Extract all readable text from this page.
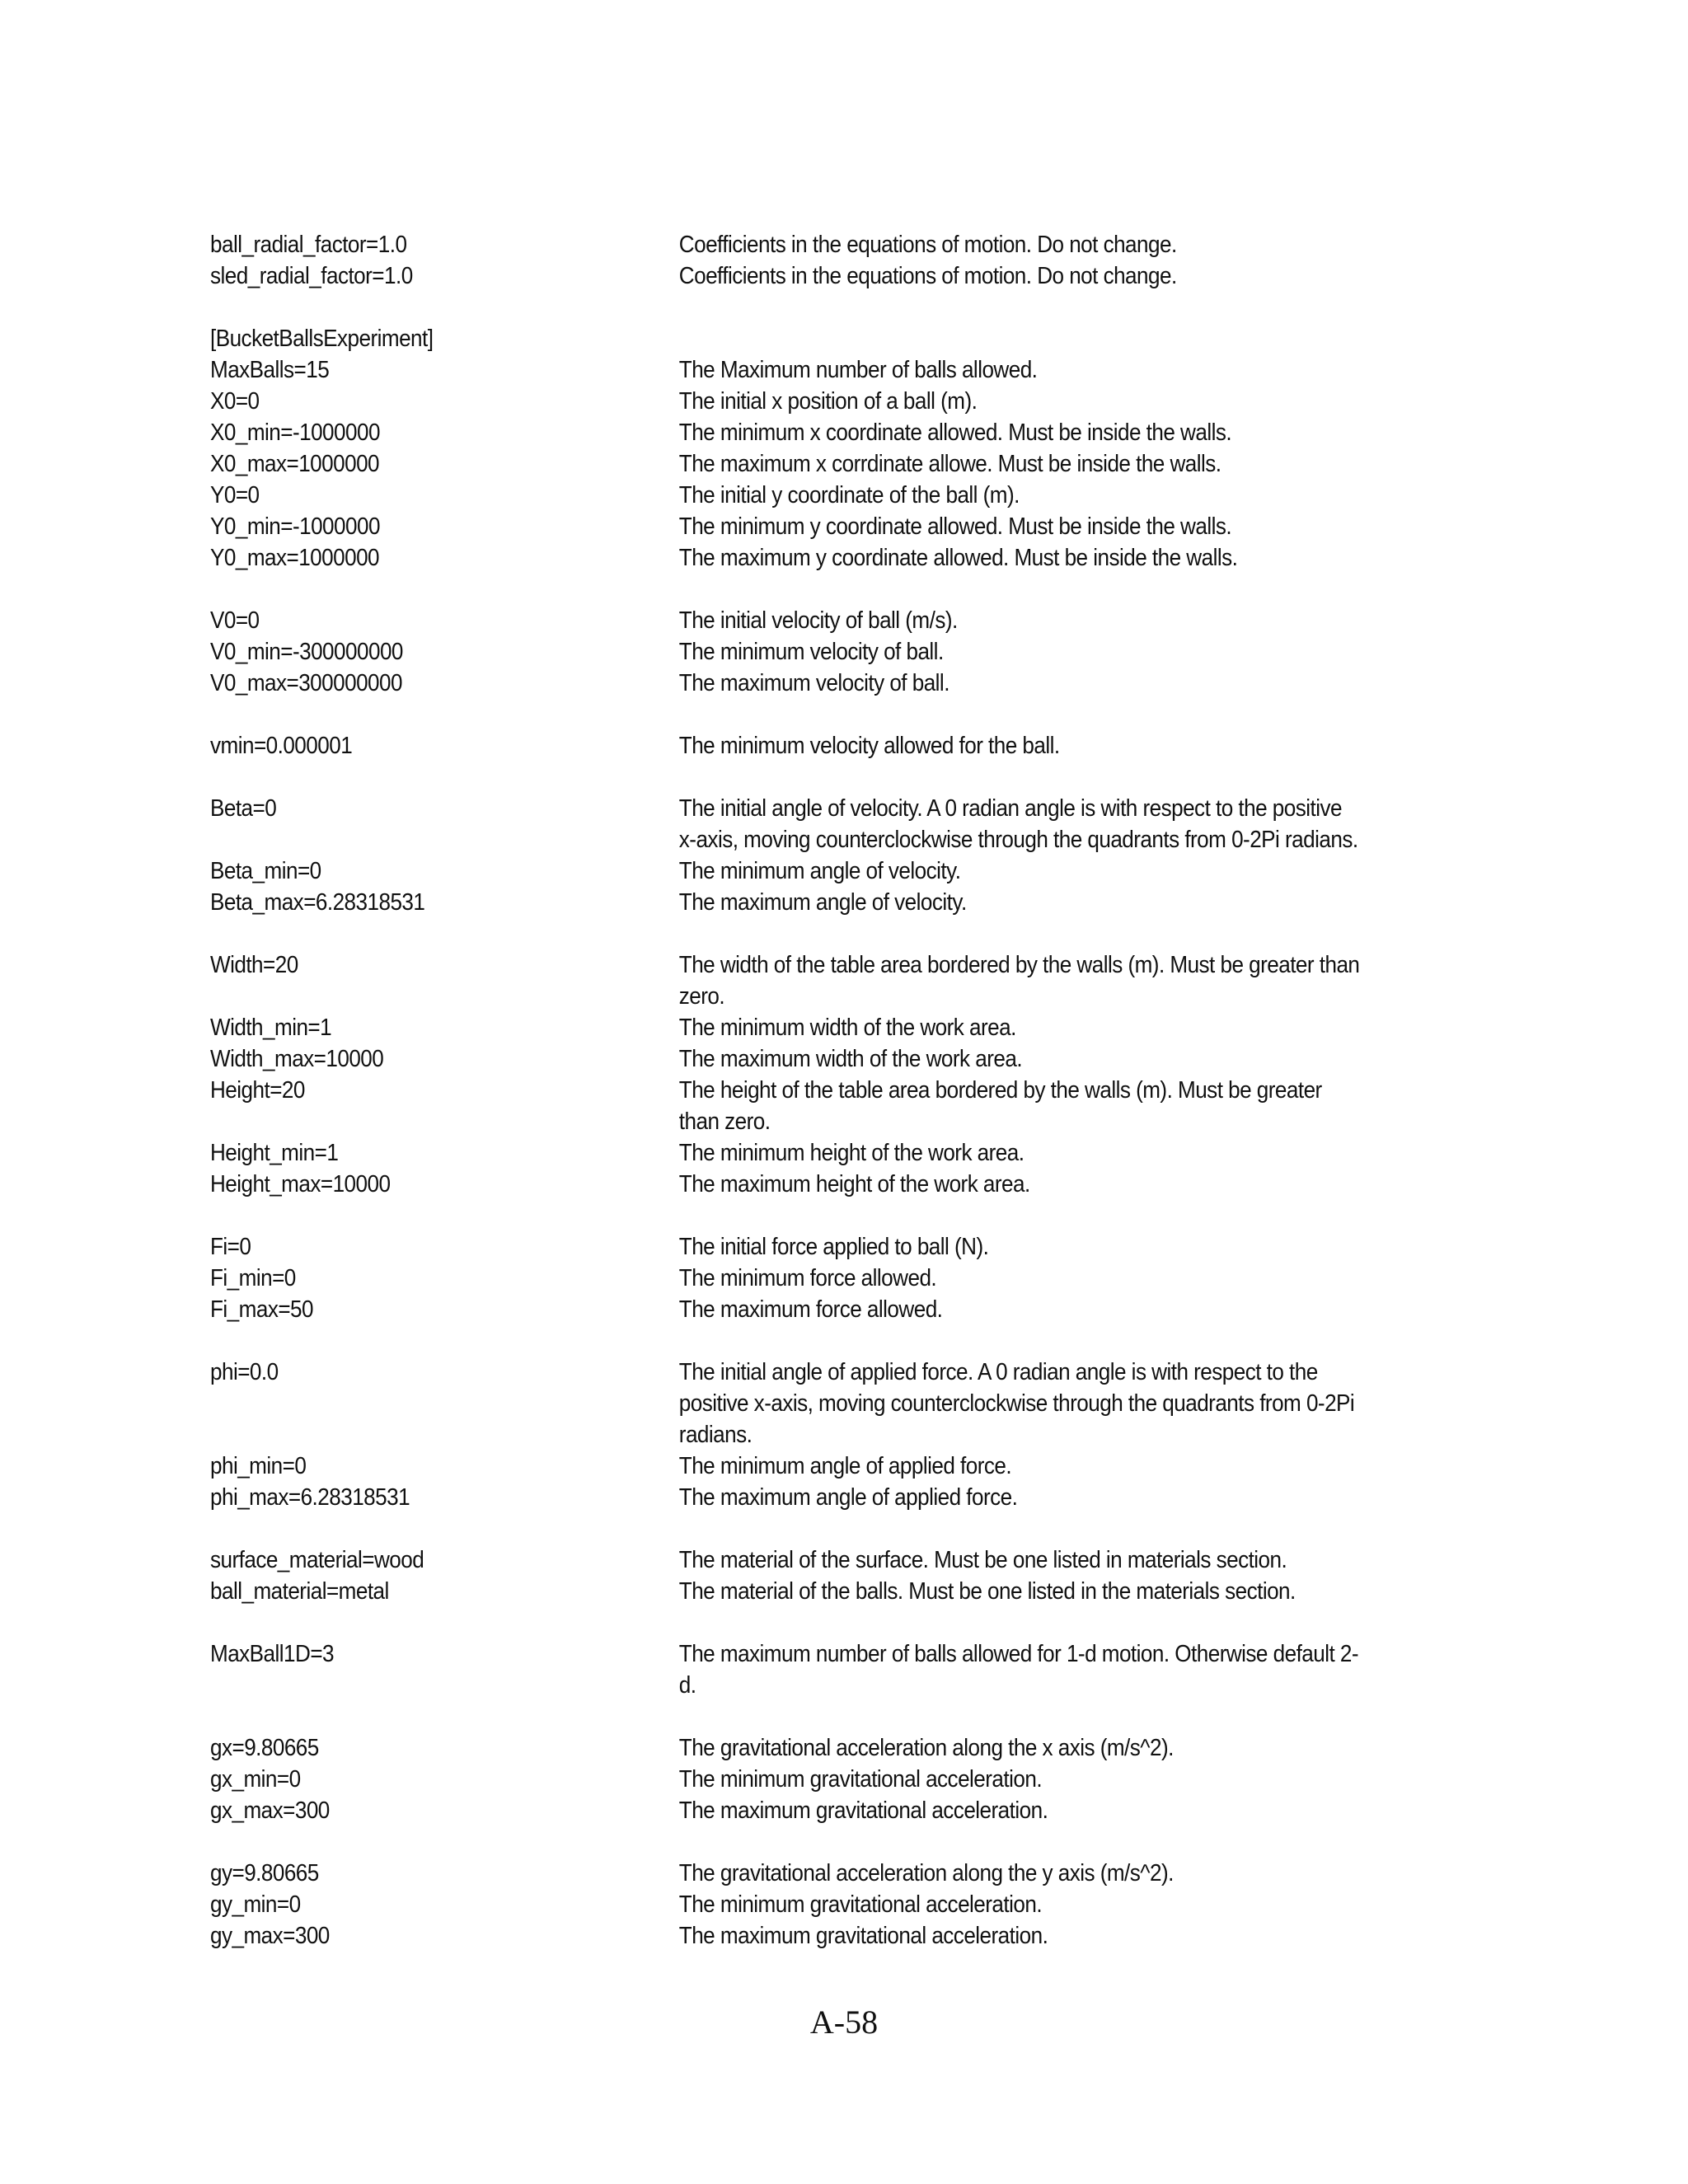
ball_radial_factor=1.0	Coefficients in the equations of motion. Do not change.
sled_radial_factor=1.0	Coefficients in the equations of motion. Do not change.
[BucketBallsExperiment]
MaxBalls=15	The Maximum number of balls allowed.
X0=0	The initial x position of a ball (m).
X0_min=-1000000	The minimum x coordinate allowed. Must be inside the walls.
X0_max=1000000	The maximum x corrdinate allowe. Must be inside the walls.
Y0=0	The initial y coordinate of the ball (m).
Y0_min=-1000000	The minimum y coordinate allowed. Must be inside the walls.
Y0_max=1000000	The maximum y coordinate allowed. Must be inside the walls.
V0=0	The initial velocity of ball (m/s).
V0_min=-300000000	The minimum velocity of ball.
V0_max=300000000	The maximum velocity of ball.
vmin=0.000001	The minimum velocity allowed for the ball.
Beta=0	The initial angle of velocity. A 0 radian angle is with respect to the positive x-axis, moving counterclockwise through the quadrants from 0-2Pi radians.
Beta_min=0	The minimum angle of velocity.
Beta_max=6.28318531	The maximum angle of velocity.
Width=20	The width of the table area bordered by the walls (m). Must be greater than zero.
Width_min=1	The minimum width of the work area.
Width_max=10000	The maximum width of the work area.
Height=20	The height of the table area bordered by the walls (m). Must be greater than zero.
Height_min=1	The minimum height of the work area.
Height_max=10000	The maximum height of the work area.
Fi=0	The initial force applied to ball (N).
Fi_min=0	The minimum force allowed.
Fi_max=50	The maximum force allowed.
phi=0.0	The initial angle of applied force. A 0 radian angle is with respect to the positive x-axis, moving counterclockwise through the quadrants from 0-2Pi radians.
phi_min=0	The minimum angle of applied force.
phi_max=6.28318531	The maximum angle of applied force.
surface_material=wood	The material of the surface. Must be one listed in materials section.
ball_material=metal	The material of the balls. Must be one listed in the materials section.
MaxBall1D=3	The maximum number of balls allowed for 1-d motion. Otherwise default 2-d.
gx=9.80665	The gravitational acceleration along the x axis (m/s^2).
gx_min=0	The minimum gravitational acceleration.
gx_max=300	The maximum gravitational acceleration.
gy=9.80665	The gravitational acceleration along the y axis (m/s^2).
gy_min=0	The minimum gravitational acceleration.
gy_max=300	The maximum gravitational acceleration.
A-58
